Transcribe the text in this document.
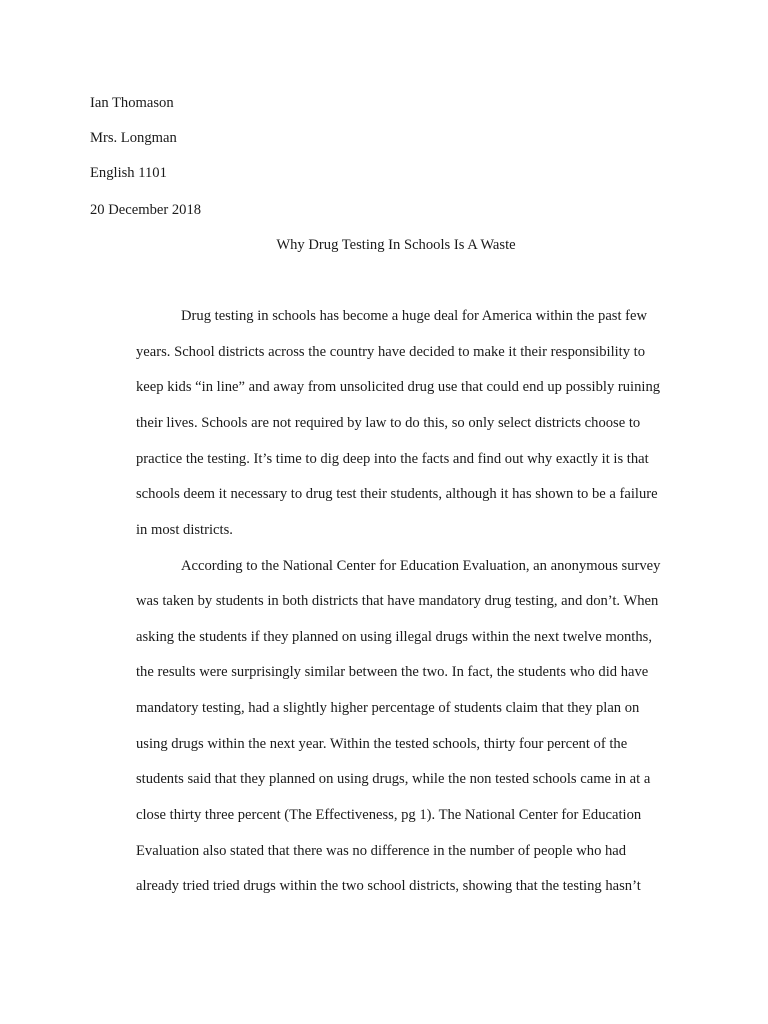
Ian Thomason
Mrs. Longman
English 1101
20 December 2018
Why Drug Testing In Schools Is A Waste
Drug testing in schools has become a huge deal for America within the past few
years. School districts across the country have decided to make it their responsibility to
keep kids “in line” and away from unsolicited drug use that could end up possibly ruining
their lives. Schools are not required by law to do this, so only select districts choose to
practice the testing. It’s time to dig deep into the facts and find out why exactly it is that
schools deem it necessary to drug test their students, although it has shown to be a failure
in most districts.
According to the National Center for Education Evaluation, an anonymous survey
was taken by students in both districts that have mandatory drug testing, and don’t. When
asking the students if they planned on using illegal drugs within the next twelve months,
the results were surprisingly similar between the two. In fact, the students who did have
mandatory testing, had a slightly higher percentage of students claim that they plan on
using drugs within the next year. Within the tested schools, thirty four percent of the
students said that they planned on using drugs, while the non tested schools came in at a
close thirty three percent (The Effectiveness, pg 1). The National Center for Education
Evaluation also stated that there was no difference in the number of people who had
already tried tried drugs within the two school districts, showing that the testing hasn’t
